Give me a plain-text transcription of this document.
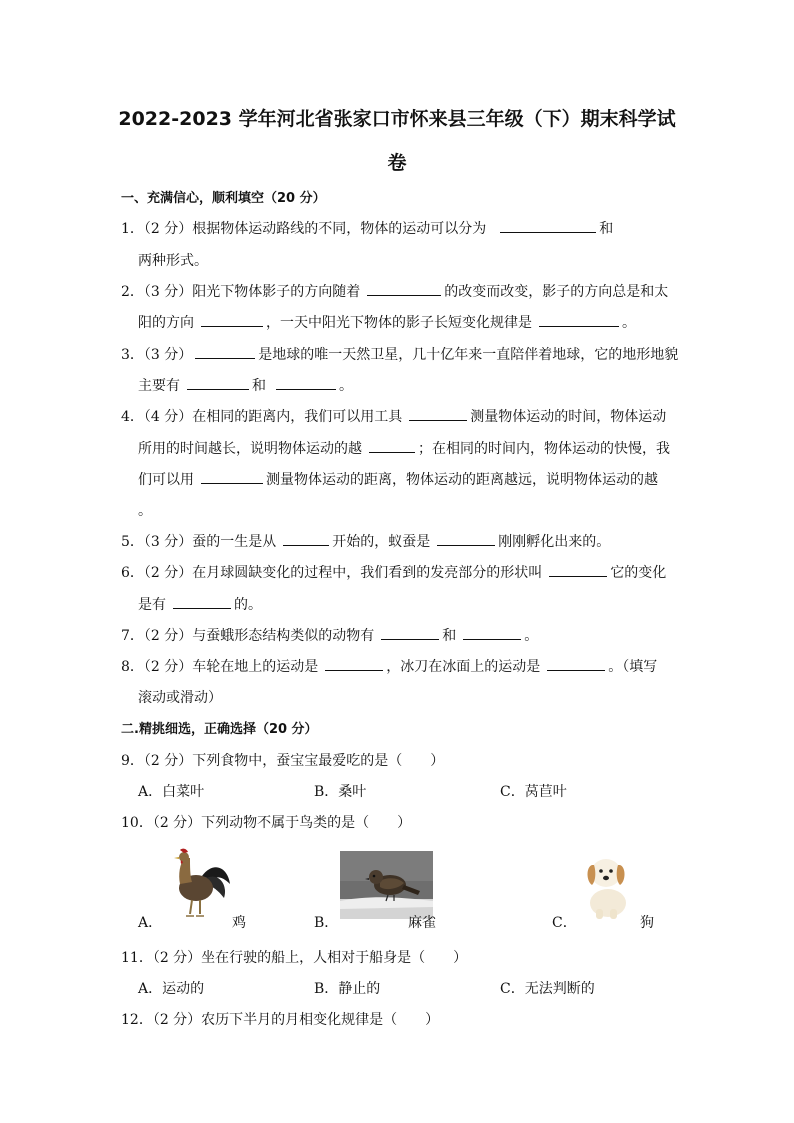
2022-2023 学年河北省张家口市怀来县三年级（下）期末科学试
卷
一、充满信心，顺利填空（20 分）
1．（2 分）根据物体运动路线的不同，物体的运动可以分为	和
两种形式。
2．（3 分）阳光下物体影子的方向随着	的改变而改变，影子的方向总是和太
阳的方向	，一天中阳光下物体的影子长短变化规律是	。
3．（3 分）	是地球的唯一天然卫星，几十亿年来一直陪伴着地球，它的地形地貌
主要有	和	。
4．（4 分）在相同的距离内，我们可以用工具	测量物体运动的时间，物体运动
所用的时间越长，说明物体运动的越	；在相同的时间内，物体运动的快慢，我
们可以用	测量物体运动的距离，物体运动的距离越远，说明物体运动的越
。
5．（3 分）蚕的一生是从	开始的，蚁蚕是	刚刚孵化出来的。
6．（2 分）在月球圆缺变化的过程中，我们看到的发亮部分的形状叫	它的变化
是有	的。
7．（2 分）与蚕蛾形态结构类似的动物有	和	。
8．（2 分）车轮在地上的运动是	，冰刀在冰面上的运动是	。（填写
滚动或滑动）
二.精挑细选，正确选择（20 分）
9．（2 分）下列食物中，蚕宝宝最爱吃的是（　　）
A．白菜叶	B．桑叶	C．莴苣叶
10．（2 分）下列动物不属于鸟类的是（　　）
A．	鸡	B．	麻雀	C．	狗
11．（2 分）坐在行驶的船上，人相对于船身是（　　）
A．运动的	B．静止的	C．无法判断的
12．（2 分）农历下半月的月相变化规律是（　　）
